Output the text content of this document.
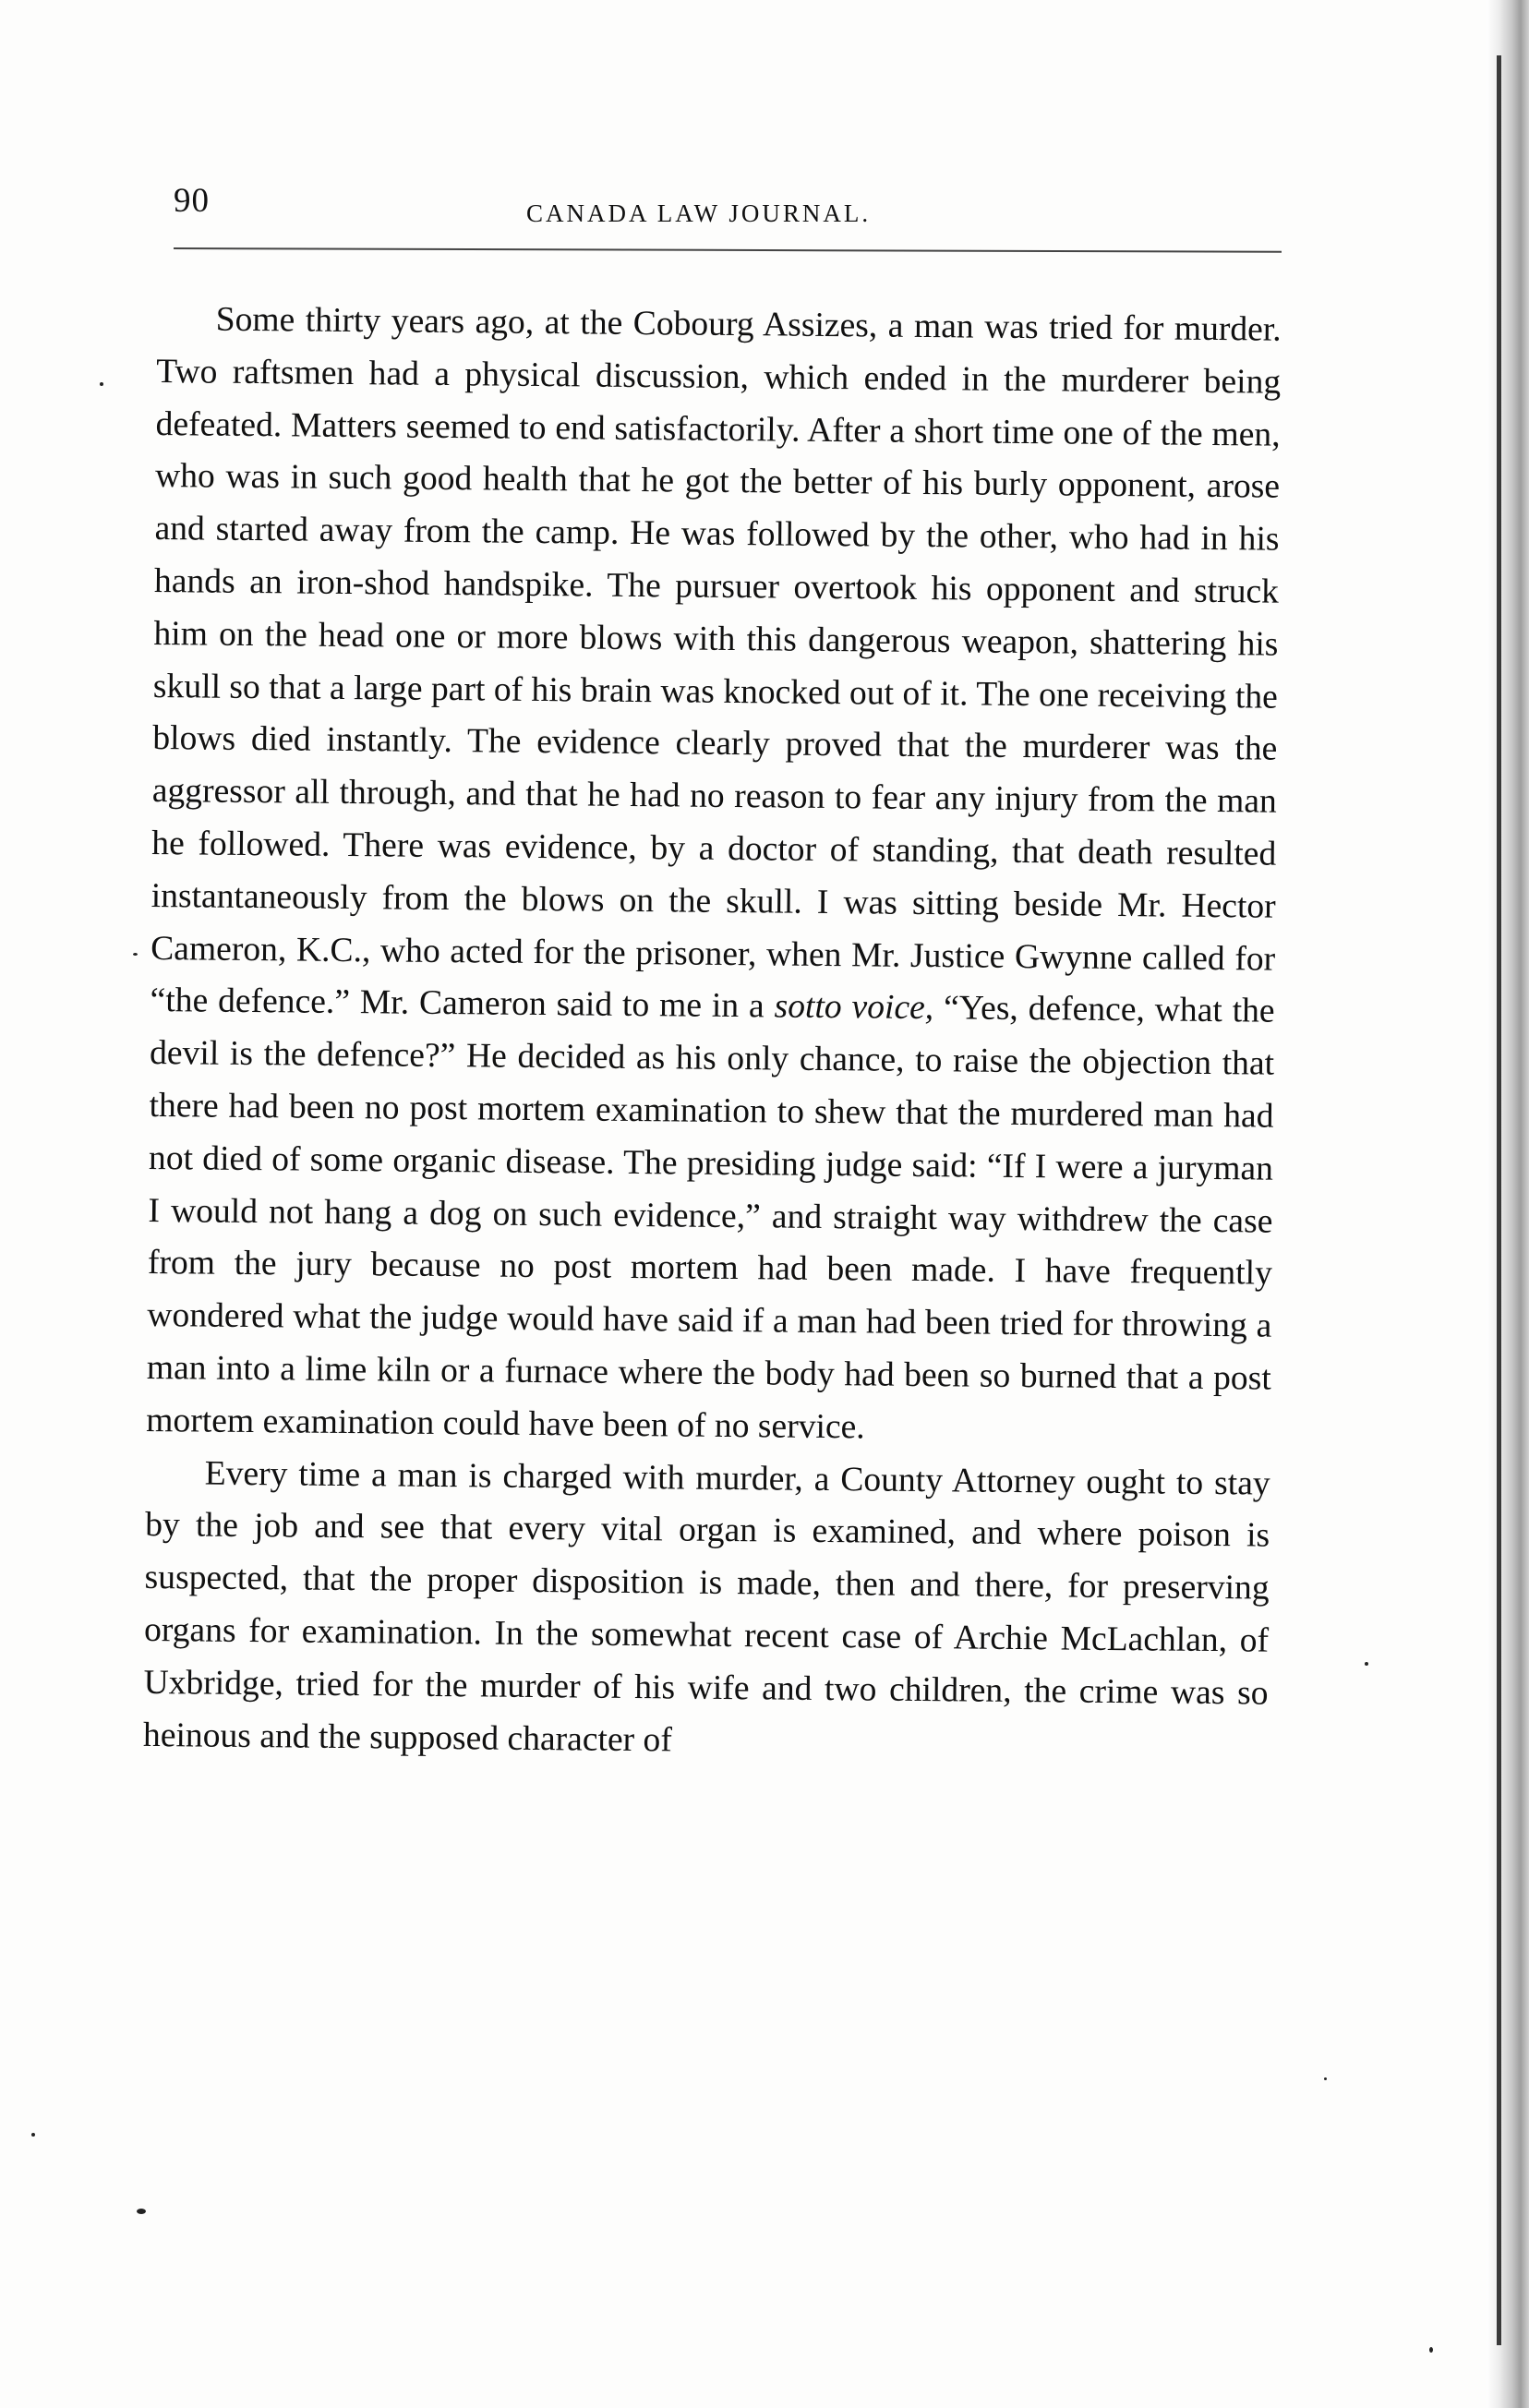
90	CANADA LAW JOURNAL.

Some thirty years ago, at the Cobourg Assizes, a man was tried for murder. Two raftsmen had a physical discussion, which ended in the murderer being defeated. Matters seemed to end satisfactorily. After a short time one of the men, who was in such good health that he got the better of his burly opponent, arose and started away from the camp. He was followed by the other, who had in his hands an iron-shod handspike. The pursuer overtook his opponent and struck him on the head one or more blows with this dangerous weapon, shattering his skull so that a large part of his brain was knocked out of it. The one receiving the blows died instantly. The evidence clearly proved that the murderer was the aggressor all through, and that he had no reason to fear any injury from the man he followed. There was evidence, by a doctor of standing, that death resulted instantaneously from the blows on the skull. I was sitting beside Mr. Hector Cameron, K.C., who acted for the prisoner, when Mr. Justice Gwynne called for “the defence.” Mr. Cameron said to me in a sotto voice, “Yes, defence, what the devil is the defence?” He decided as his only chance, to raise the objection that there had been no post mortem examination to shew that the murdered man had not died of some organic disease. The presiding judge said: “If I were a juryman I would not hang a dog on such evidence,” and straight way withdrew the case from the jury because no post mortem had been made. I have frequently wondered what the judge would have said if a man had been tried for throwing a man into a lime kiln or a furnace where the body had been so burned that a post mortem examination could have been of no service.

Every time a man is charged with murder, a County Attorney ought to stay by the job and see that every vital organ is examined, and where poison is suspected, that the proper disposition is made, then and there, for preserving organs for examination. In the somewhat recent case of Archie McLachlan, of Uxbridge, tried for the murder of his wife and two children, the crime was so heinous and the supposed character of
